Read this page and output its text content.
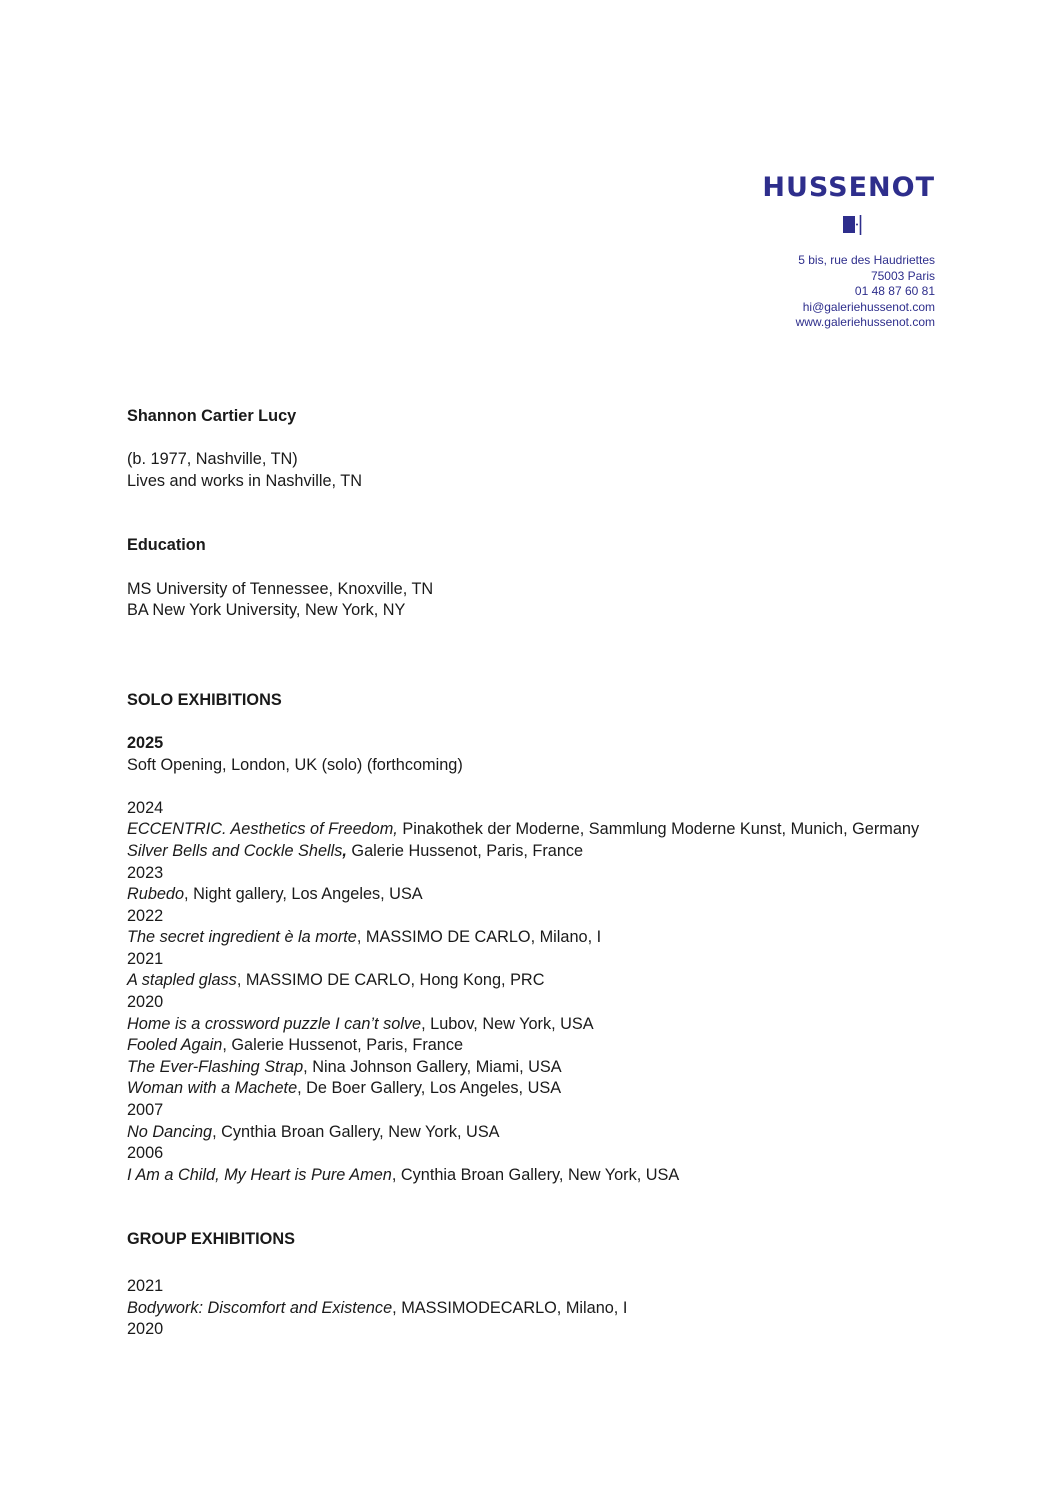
HUSSENOT
5 bis, rue des Haudriettes
75003 Paris
01 48 87 60 81
hi@galeriehussenot.com
www.galeriehussenot.com
Shannon Cartier Lucy
(b. 1977, Nashville, TN)
Lives and works in Nashville, TN
Education
MS University of Tennessee, Knoxville, TN
BA New York University, New York, NY
SOLO EXHIBITIONS
2025
Soft Opening, London, UK (solo) (forthcoming)
2024
ECCENTRIC. Aesthetics of Freedom, Pinakothek der Moderne, Sammlung Moderne Kunst, Munich, Germany
Silver Bells and Cockle Shells, Galerie Hussenot, Paris, France
2023
Rubedo, Night gallery, Los Angeles, USA
2022
The secret ingredient è la morte, MASSIMO DE CARLO, Milano, I
2021
A stapled glass, MASSIMO DE CARLO, Hong Kong, PRC
2020
Home is a crossword puzzle I can’t solve, Lubov, New York, USA
Fooled Again, Galerie Hussenot, Paris, France
The Ever-Flashing Strap, Nina Johnson Gallery, Miami, USA
Woman with a Machete, De Boer Gallery, Los Angeles, USA
2007
No Dancing, Cynthia Broan Gallery, New York, USA
2006
I Am a Child, My Heart is Pure Amen, Cynthia Broan Gallery, New York, USA
GROUP EXHIBITIONS
2021
Bodywork: Discomfort and Existence, MASSIMODECARLO, Milano, I
2020
